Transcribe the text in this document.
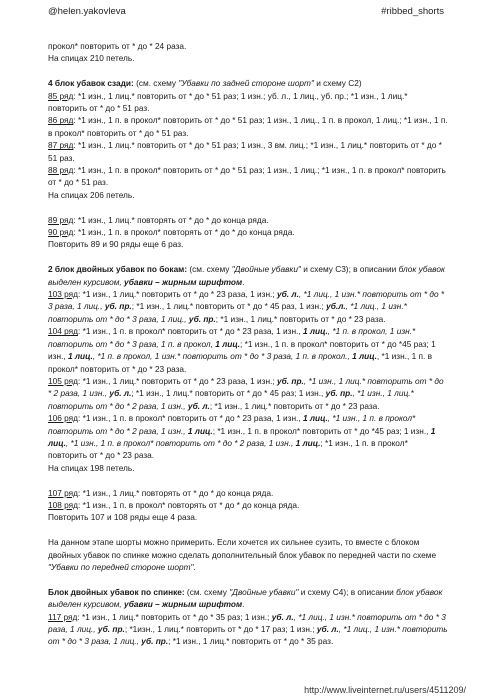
@helen.yakovleva	#ribbed_shorts

прокол* повторить от * до * 24 раза.

На спицах 210 петель.

4 блок убавок сзади: (см. схему "Убавки по задней стороне шорт" и схему С2)

85 ряд: *1 изн., 1 лиц.* повторить от * до * 51 раз; 1 изн.; уб. л., 1 лиц., уб. пр.; *1 изн., 1 лиц.* повторить от * до * 51 раз.

86 ряд: *1 изн., 1 п. в прокол* повторить от * до * 51 раз; 1 изн., 1 лиц., 1 п. в прокол, 1 лиц.; *1 изн., 1 п. в прокол* повторить от * до * 51 раз.

87 ряд: *1 изн., 1 лиц.* повторить от * до * 51 раз; 1 изн., 3 вм. лиц.; *1 изн., 1 лиц.* повторить от * до * 51 раз.

88 ряд: *1 изн., 1 п. в прокол* повторить от * до * 51 раз; 1 изн., 1 лиц.; *1 изн., 1 п. в прокол* повторить от * до * 51 раз.

На спицах 206 петель.

89 ряд: *1 изн., 1 лиц.* повторять от * до * до конца ряда.

90 ряд: *1 изн., 1 п. в прокол* повторять от * до * до конца ряда.

Повторить 89 и 90 ряды еще 6 раз.

2 блок двойных убавок по бокам: (см. схему "Двойные убавки" и схему С3); в описании блок убавок выделен курсивом, убавки – жирным шрифтом.

103 ряд: *1 изн., 1 лиц.* повторить от * до * 23 раза, 1 изн.; уб. л., *1 лиц., 1 изн.* повторить от * до * 3 раза, 1 лиц., уб. пр.; *1 изн., 1 лиц.* повторить от * до * 45 раз, 1 изн.; уб.л., *1 лиц., 1 изн.* повторить от * до * 3 раза, 1 лиц., уб. пр.; *1 изн., 1 лиц.* повторить от * до * 23 раза.

104 ряд: *1 изн., 1 п. в прокол* повторить от * до * 23 раза, 1 изн., 1 лиц., *1 п. в прокол, 1 изн.* повторить от * до * 3 раза, 1 п. в прокол, 1 лиц.; *1 изн., 1 п. в прокол* повторить от * до *45 раз; 1 изн., 1 лиц., *1 п. в прокол, 1 изн.* повторить от * до * 3 раза, 1 п. в прокол., 1 лиц., *1 изн., 1 п. в прокол* повторить от * до * 23 раза.

105 ряд: *1 изн., 1 лиц.* повторить от * до * 23 раза, 1 изн.; уб. пр., *1 изн., 1 лиц.* повторить от * до * 2 раза, 1 изн., уб. л.; *1 изн., 1 лиц.* повторить от * до * 45 раз; 1 изн., уб. пр., *1 изн., 1 лиц.* повторить от * до * 2 раза, 1 изн., уб. л.; *1 изн., 1 лиц.* повторить от * до * 23 раза.

106 ряд: *1 изн., 1 п. в прокол* повторить от * до * 23 раза, 1 изн., 1 лиц., *1 изн., 1 п. в прокол* повторить от * до * 2 раза, 1 изн., 1 лиц.; *1 изн., 1 п. в прокол* повторить от * до *45 раз; 1 изн., 1 лиц., *1 изн., 1 п. в прокол* повторить от * до * 2 раза, 1 изн., 1 лиц.; *1 изн., 1 п. в прокол* повторить от * до * 23 раза.

На спицах 198 петель.

107 ряд: *1 изн., 1 лиц.* повторять от * до * до конца ряда.

108 ряд: *1 изн., 1 п. в прокол* повторять от * до * до конца ряда.

Повторить 107 и 108 ряды еще 4 раза.

На данном этапе шорты можно примерить. Если хочется их сильнее сузить, то вместе с блоком двойных убавок по спинке можно сделать дополнительный блок убавок по передней части по схеме "Убавки по передней стороне шорт".

Блок двойных убавок по спинке: (см. схему "Двойные убавки" и схему С4); в описании блок убавок выделен курсивом, убавки – жирным шрифтом.

117 ряд: *1 изн., 1 лиц.* повторить от * до * 35 раз; 1 изн.; уб. л., *1 лиц., 1 изн.* повторить от * до * 3 раза, 1 лиц., уб. пр.; *1изн., 1 лиц.* повторить от * до * 17 раз; 1 изн.; уб. л., *1 лиц., 1 изн.* повторить от * до * 3 раза, 1 лиц., уб. пр.; *1 изн., 1 лиц.* повторить от * до * 35 раз.

http://www.liveinternet.ru/users/4511209/
